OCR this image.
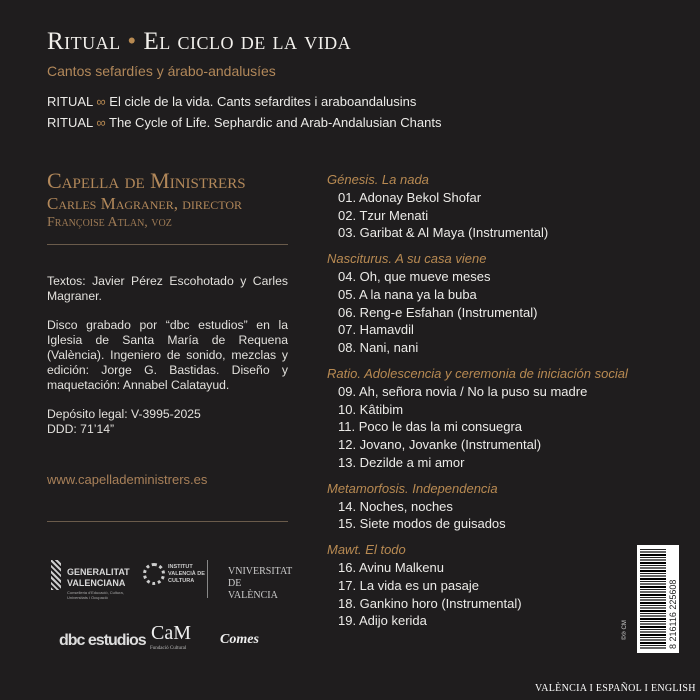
Ritual • El ciclo de la vida
Cantos sefardíes y árabo-andalusíes
RITUAL ∞ El cicle de la vida. Cants sefardites i araboandalusins
RITUAL ∞ The Cycle of Life. Sephardic and Arab-Andalusian Chants
Capella de Ministrers
Carles Magraner, director
Françoise Atlan, voz

Textos: Javier Pérez Escohotado y Carles Magraner.

Disco grabado por “dbc estudios” en la Iglesia de Santa María de Requena (València). Ingeniero de sonido, mezclas y edición: Jorge G. Bastidas. Diseño y maquetación: Annabel Calatayud.

Depósito legal: V-3995-2025
DDD: 71’14”
www.capelladeministrers.es
Génesis. La nada
01. Adonay Bekol Shofar
02. Tzur Menati
03. Garibat & Al Maya (Instrumental)
Nasciturus. A su casa viene
04. Oh, que mueve meses
05. A la nana ya la buba
06. Reng-e Esfahan (Instrumental)
07. Hamavdil
08. Nani, nani
Ratio. Adolescencia y ceremonia de iniciación social
09. Ah, señora novia / No la puso su madre
10. Kâtibim
11. Poco le das la mi consuegra
12. Jovano, Jovanke (Instrumental)
13. Dezilde a mi amor
Metamorfosis. Independencia
14. Noches, noches
15. Siete modos de guisados
Mawt. El todo
16. Avinu Malkenu
17. La vida es un pasaje
18. Gankino horo (Instrumental)
19. Adijo kerida
GENERALITAT VALENCIANA
Conselleria d'Educació, Cultura, Universitats i Ocupació
INSTITUT VALENCIÀ DE CULTURA
VNIVERSITAT DE VALÈNCIA
dbc estudios CaM
Fundació Cultural
Comes	8 216116 225608
©℗ CM
VALÈNCIA I ESPAÑOL I ENGLISH
